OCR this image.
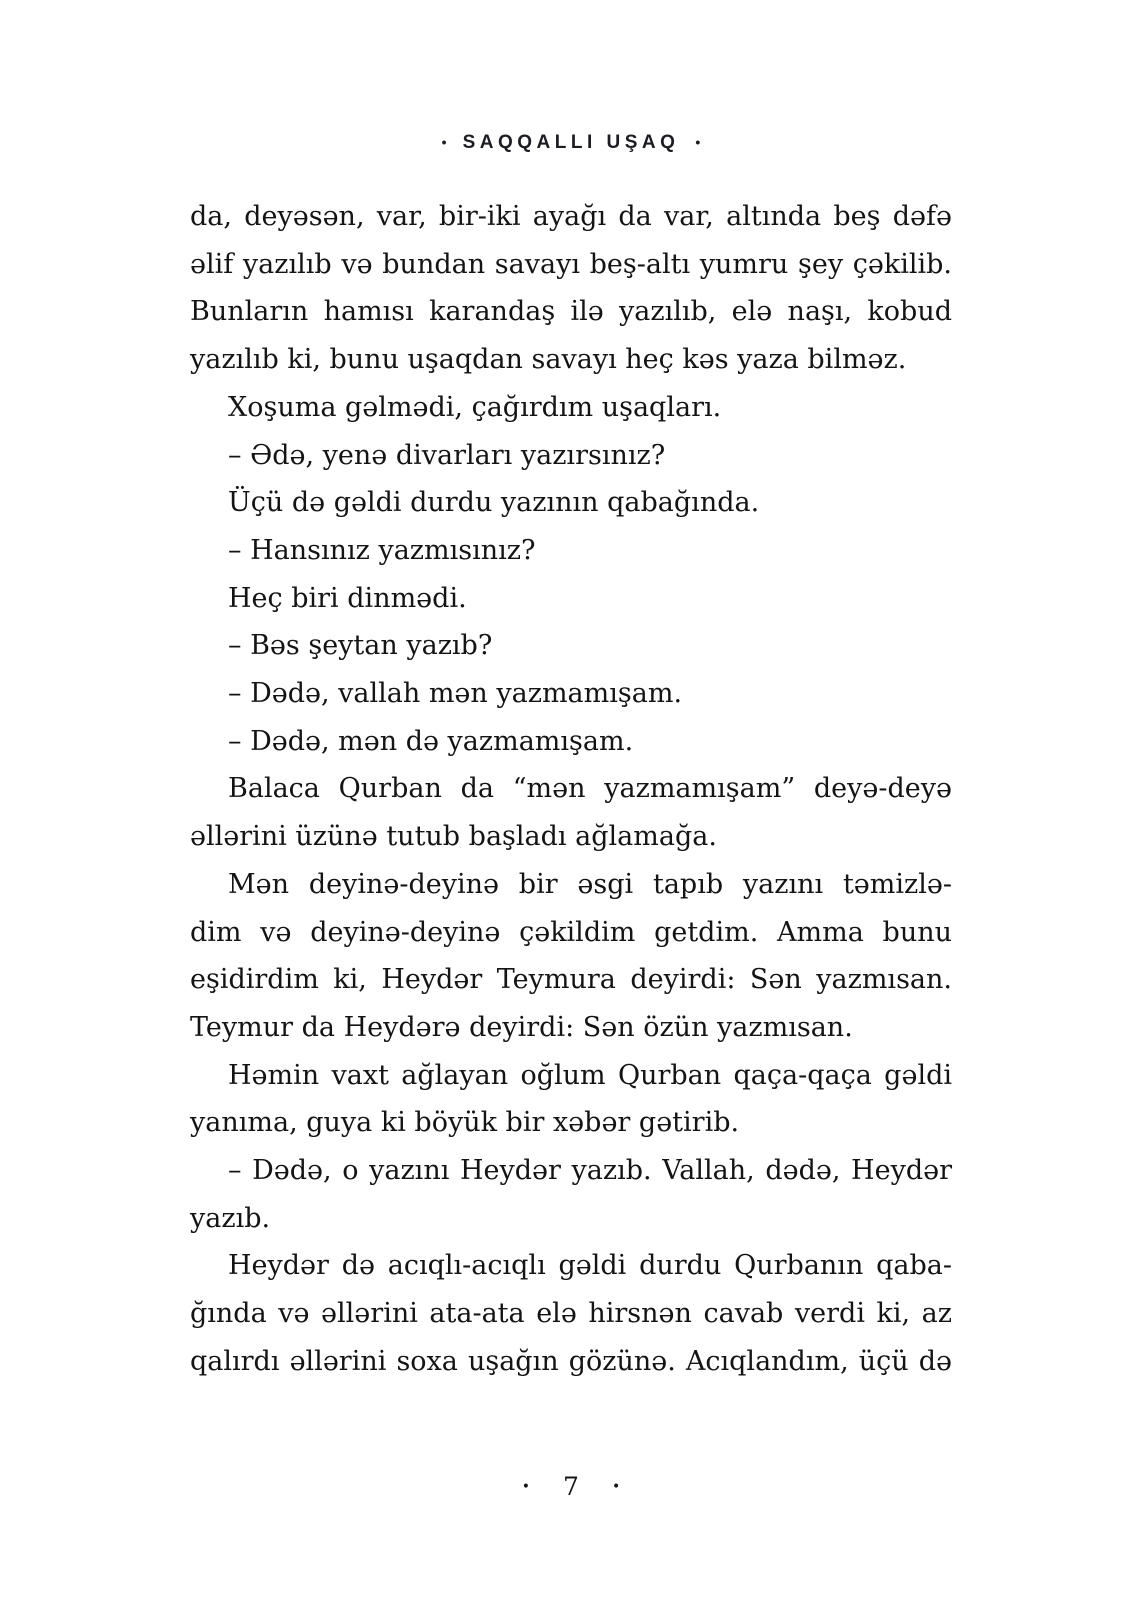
• SAQQALLI UŞAQ •
da, deyəsən, var, bir-iki ayağı da var, altında beş dəfə
əlif yazılıb və bundan savayı beş-altı yumru şey çəkilib.
Bunların hamısı karandaş ilə yazılıb, elə naşı, kobud
yazılıb ki, bunu uşaqdan savayı heç kəs yaza bilməz.
Xoşuma gəlmədi, çağırdım uşaqları.
– Ədə, yenə divarları yazırsınız?
Üçü də gəldi durdu yazının qabağında.
– Hansınız yazmısınız?
Heç biri dinmədi.
– Bəs şeytan yazıb?
– Dədə, vallah mən yazmamışam.
– Dədə, mən də yazmamışam.
Balaca Qurban da “mən yazmamışam” deyə-deyə
əllərini üzünə tutub başladı ağlamağa.
Mən deyinə-deyinə bir əsgi tapıb yazını təmizlə-
dim və deyinə-deyinə çəkildim getdim. Amma bunu
eşidirdim ki, Heydər Teymura deyirdi: Sən yazmısan.
Teymur da Heydərə deyirdi: Sən özün yazmısan.
Həmin vaxt ağlayan oğlum Qurban qaça-qaça gəldi
yanıma, guya ki böyük bir xəbər gətirib.
– Dədə, o yazını Heydər yazıb. Vallah, dədə, Heydər
yazıb.
Heydər də acıqlı-acıqlı gəldi durdu Qurbanın qaba-
ğında və əllərini ata-ata elə hirsnən cavab verdi ki, az
qalırdı əllərini soxa uşağın gözünə. Acıqlandım, üçü də
• 7 •
